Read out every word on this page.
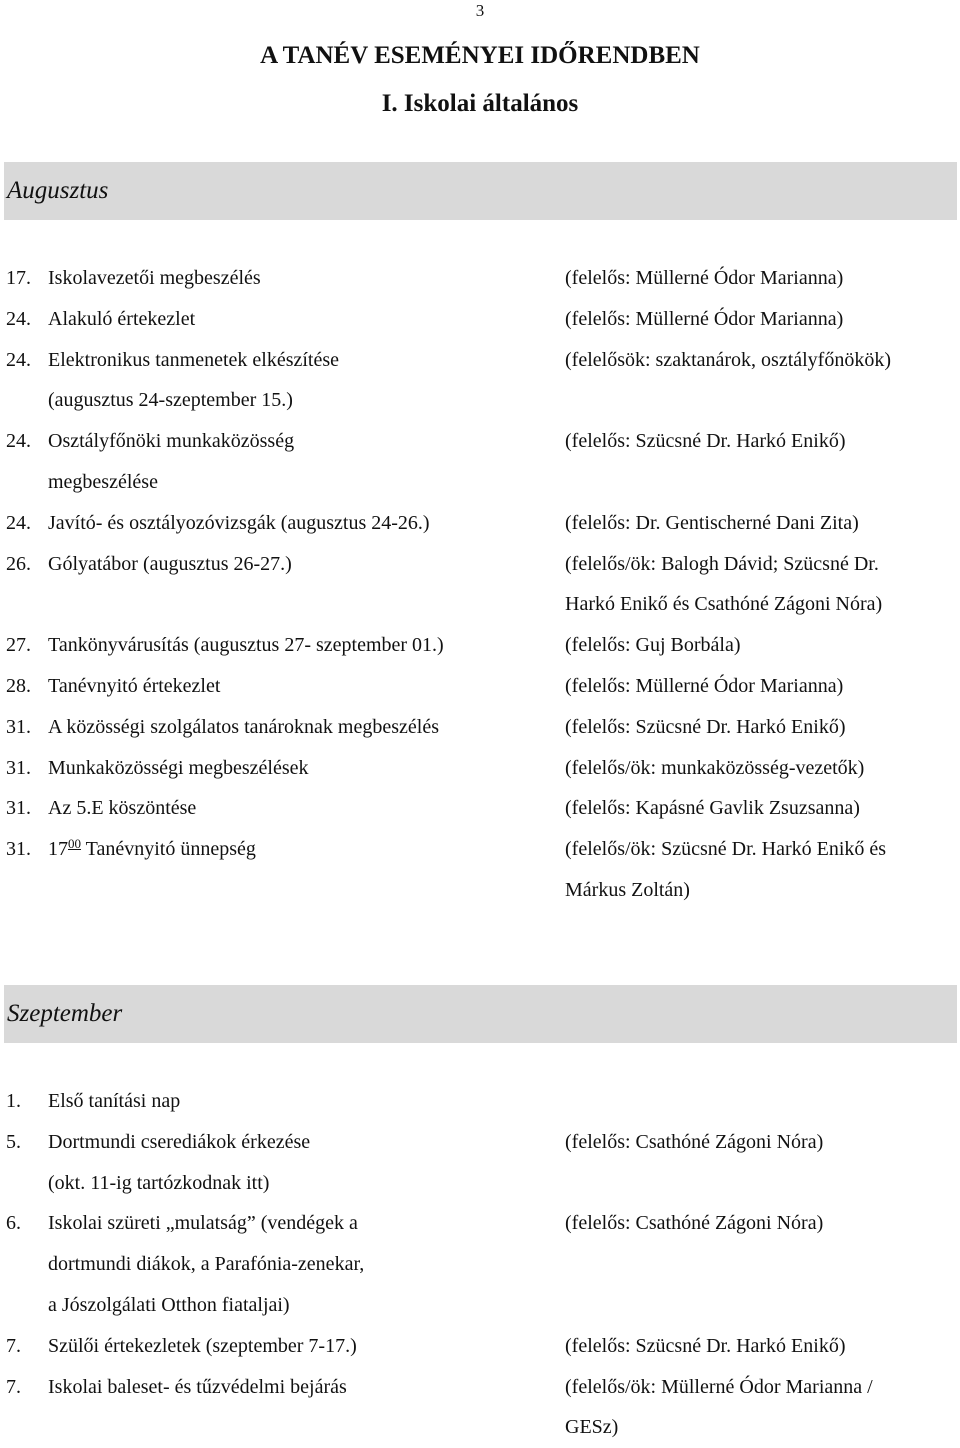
3
A TANÉV ESEMÉNYEI IDŐRENDBEN
I. Iskolai általános
Augusztus
17. Iskolavezetői megbeszélés	(felelős: Müllerné Ódor Marianna)
24. Alakuló értekezlet	(felelős: Müllerné Ódor Marianna)
24. Elektronikus tanmenetek elkészítése	(felelősök: szaktanárok, osztályfőnökök)
(augusztus 24-szeptember 15.)
24. Osztályfőnöki munkaközösség	(felelős: Szücsné Dr. Harkó Enikő)
megbeszélése
24. Javító- és osztályozóvizsgák (augusztus 24-26.)	(felelős: Dr. Gentischerné Dani Zita)
26. Gólyatábor (augusztus 26-27.)	(felelős/ök: Balogh Dávid; Szücsné Dr.
Harkó Enikő és Csathóné Zágoni Nóra)
27. Tankönyvárusítás (augusztus 27- szeptember 01.)	(felelős: Guj Borbála)
28. Tanévnyitó értekezlet	(felelős: Müllerné Ódor Marianna)
31. A közösségi szolgálatos tanároknak megbeszélés	(felelős: Szücsné Dr. Harkó Enikő)
31. Munkaközösségi megbeszélések	(felelős/ök: munkaközösség-vezetők)
31. Az 5.E köszöntése	(felelős: Kapásné Gavlik Zsuzsanna)
31. $17^{00}$ Tanévnyitó ünnepség	(felelős/ök: Szücsné Dr. Harkó Enikő és
Márkus Zoltán)
Szeptember
1.	Első tanítási nap
5.	Dortmundi cserediákok érkezése	(felelős: Csathóné Zágoni Nóra)
(okt. 11-ig tartózkodnak itt)
6.	Iskolai szüreti „mulatság” (vendégek a	(felelős: Csathóné Zágoni Nóra)
dortmundi diákok, a Parafónia-zenekar,
a Jószolgálati Otthon fiataljai)
7.	Szülői értekezletek (szeptember 7-17.)	(felelős: Szücsné Dr. Harkó Enikő)
7.	Iskolai baleset- és tűzvédelmi bejárás	(felelős/ök: Müllerné Ódor Marianna /
GESz)
